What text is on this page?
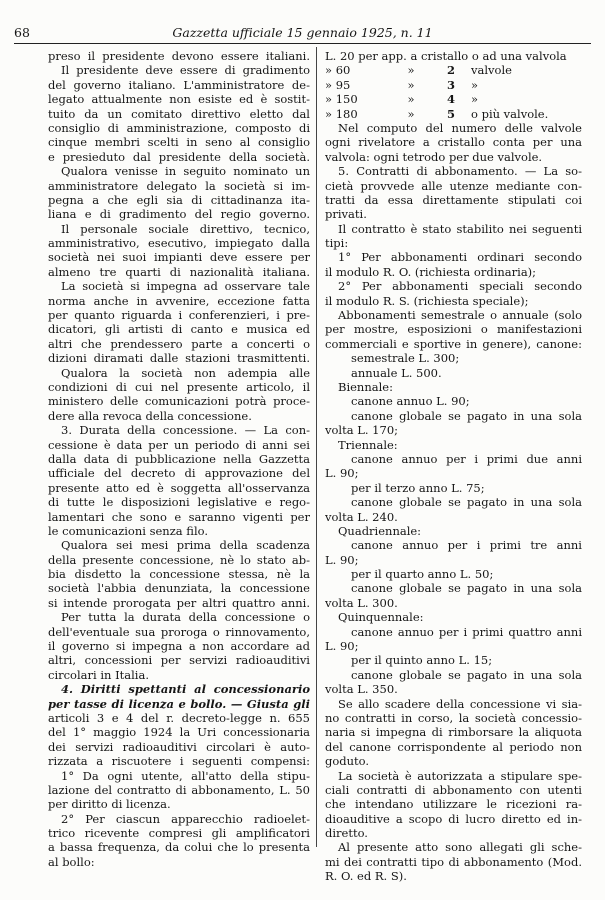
68	Gazzetta ufficiale 15 gennaio 1925, n. 11
preso il presidente devono essere italiani.
Il presidente deve essere di gradimento
del governo italiano. L'amministratore de-
legato attualmente non esiste ed è sostit-
tuito da un comitato direttivo eletto dal
consiglio di amministrazione, composto di
cinque membri scelti in seno al consiglio
e presieduto dal presidente della società.
Qualora venisse in seguito nominato un
amministratore delegato la società si im-
pegna a che egli sia di cittadinanza ita-
liana e di gradimento del regio governo.
Il personale sociale direttivo, tecnico,
amministrativo, esecutivo, impiegato dalla
società nei suoi impianti deve essere per
almeno tre quarti di nazionalità italiana.
La società si impegna ad osservare tale
norma anche in avvenire, eccezione fatta
per quanto riguarda i conferenzieri, i pre-
dicatori, gli artisti di canto e musica ed
altri che prendessero parte a concerti o
dizioni diramati dalle stazioni trasmittenti.
Qualora la società non adempia alle
condizioni di cui nel presente articolo, il
ministero delle comunicazioni potrà proce-
dere alla revoca della concessione.
3. Durata della concessione. — La con-
cessione è data per un periodo di anni sei
dalla data di pubblicazione nella Gazzetta
ufficiale del decreto di approvazione del
presente atto ed è soggetta all'osservanza
di tutte le disposizioni legislative e rego-
lamentari che sono e saranno vigenti per
le comunicazioni senza filo.
Qualora sei mesi prima della scadenza
della presente concessione, nè lo stato ab-
bia disdetto la concessione stessa, nè la
società l'abbia denunziata, la concessione
si intende prorogata per altri quattro anni.
Per tutta la durata della concessione o
dell'eventuale sua proroga o rinnovamento,
il governo si impegna a non accordare ad
altri, concessioni per servizi radioauditivi
circolari in Italia.
4. Diritti spettanti al concessionario
per tasse di licenza e bollo. — Giusta gli
articoli 3 e 4 del r. decreto-legge n. 655
del 1° maggio 1924 la Uri concessionaria
dei servizi radioauditivi circolari è auto-
rizzata a riscuotere i seguenti compensi:
1° Da ogni utente, all'atto della stipu-
lazione del contratto di abbonamento, L. 50
per diritto di licenza.
2° Per ciascun apparecchio radioelet-
trico ricevente compresi gli amplificatori
a bassa frequenza, da colui che lo presenta
al bollo:
L. 20 per app. a cristallo o ad una valvola
» 60	»	2	valvole
» 95	»	3	»
» 150	»	4	»
» 180	»	5	o più valvole.
Nel computo del numero delle valvole
ogni rivelatore a cristallo conta per una
valvola: ogni tetrodo per due valvole.
5. Contratti di abbonamento. — La so-
cietà provvede alle utenze mediante con-
tratti da essa direttamente stipulati coi
privati.
Il contratto è stato stabilito nei seguenti
tipi:
1° Per abbonamenti ordinari secondo
il modulo R. O. (richiesta ordinaria);
2° Per abbonamenti speciali secondo
il modulo R. S. (richiesta speciale);
Abbonamenti semestrale o annuale (solo
per mostre, esposizioni o manifestazioni
commerciali e sportive in genere), canone:
semestrale L. 300;
annuale L. 500.
Biennale:
canone annuo L. 90;
canone globale se pagato in una sola
volta L. 170;
Triennale:
canone annuo per i primi due anni
L. 90;
per il terzo anno L. 75;
canone globale se pagato in una sola
volta L. 240.
Quadriennale:
canone annuo per i primi tre anni
L. 90;
per il quarto anno L. 50;
canone globale se pagato in una sola
volta L. 300.
Quinquennale:
canone annuo per i primi quattro anni
L. 90;
per il quinto anno L. 15;
canone globale se pagato in una sola
volta L. 350.
Se allo scadere della concessione vi sia-
no contratti in corso, la società concessio-
naria si impegna di rimborsare la aliquota
del canone corrispondente al periodo non
goduto.
La società è autorizzata a stipulare spe-
ciali contratti di abbonamento con utenti
che intendano utilizzare le ricezioni ra-
dioauditive a scopo di lucro diretto ed in-
diretto.
Al presente atto sono allegati gli sche-
mi dei contratti tipo di abbonamento (Mod.
R. O. ed R. S).
